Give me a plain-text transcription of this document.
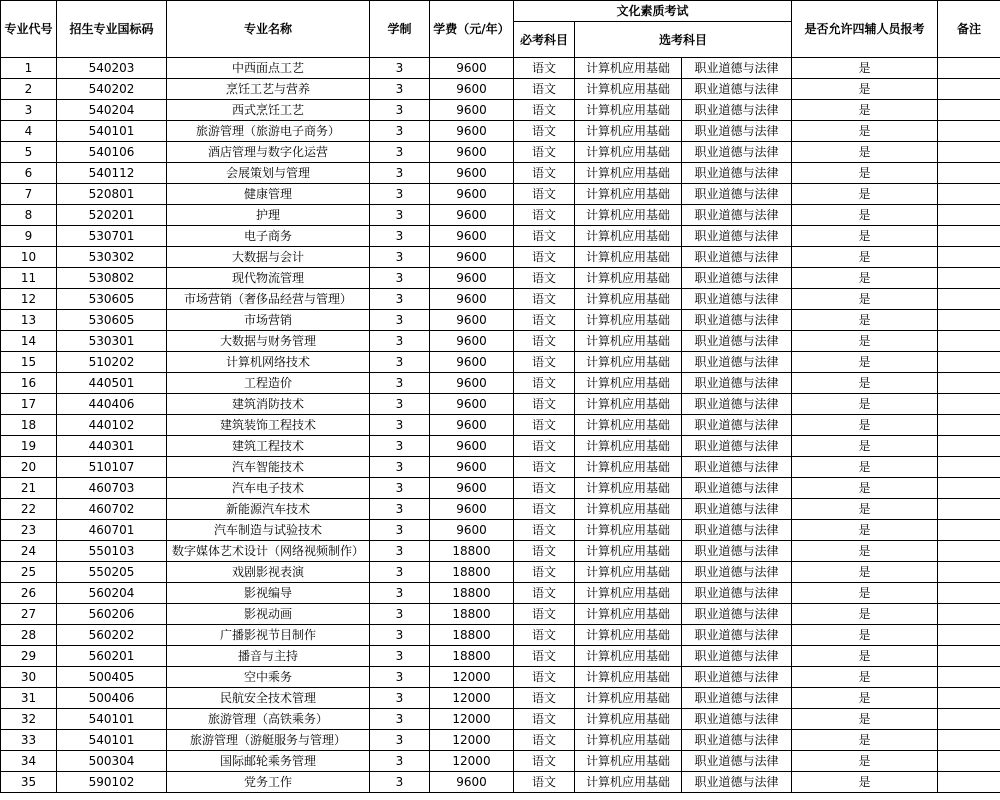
专业代号	招生专业国标码	专业名称	学制	学费（元/年）	文化素质考试			是否允许四辅人员报考	备注
					必考科目	选考科目			
1	540203	中西面点工艺	3	9600	语文	计算机应用基础	职业道德与法律	是	
2	540202	烹饪工艺与营养	3	9600	语文	计算机应用基础	职业道德与法律	是	
3	540204	西式烹饪工艺	3	9600	语文	计算机应用基础	职业道德与法律	是	
4	540101	旅游管理（旅游电子商务）	3	9600	语文	计算机应用基础	职业道德与法律	是	
5	540106	酒店管理与数字化运营	3	9600	语文	计算机应用基础	职业道德与法律	是	
6	540112	会展策划与管理	3	9600	语文	计算机应用基础	职业道德与法律	是	
7	520801	健康管理	3	9600	语文	计算机应用基础	职业道德与法律	是	
8	520201	护理	3	9600	语文	计算机应用基础	职业道德与法律	是	
9	530701	电子商务	3	9600	语文	计算机应用基础	职业道德与法律	是	
10	530302	大数据与会计	3	9600	语文	计算机应用基础	职业道德与法律	是	
11	530802	现代物流管理	3	9600	语文	计算机应用基础	职业道德与法律	是	
12	530605	市场营销（奢侈品经营与管理）	3	9600	语文	计算机应用基础	职业道德与法律	是	
13	530605	市场营销	3	9600	语文	计算机应用基础	职业道德与法律	是	
14	530301	大数据与财务管理	3	9600	语文	计算机应用基础	职业道德与法律	是	
15	510202	计算机网络技术	3	9600	语文	计算机应用基础	职业道德与法律	是	
16	440501	工程造价	3	9600	语文	计算机应用基础	职业道德与法律	是	
17	440406	建筑消防技术	3	9600	语文	计算机应用基础	职业道德与法律	是	
18	440102	建筑装饰工程技术	3	9600	语文	计算机应用基础	职业道德与法律	是	
19	440301	建筑工程技术	3	9600	语文	计算机应用基础	职业道德与法律	是	
20	510107	汽车智能技术	3	9600	语文	计算机应用基础	职业道德与法律	是	
21	460703	汽车电子技术	3	9600	语文	计算机应用基础	职业道德与法律	是	
22	460702	新能源汽车技术	3	9600	语文	计算机应用基础	职业道德与法律	是	
23	460701	汽车制造与试验技术	3	9600	语文	计算机应用基础	职业道德与法律	是	
24	550103	数字媒体艺术设计（网络视频制作）	3	18800	语文	计算机应用基础	职业道德与法律	是	
25	550205	戏剧影视表演	3	18800	语文	计算机应用基础	职业道德与法律	是	
26	560204	影视编导	3	18800	语文	计算机应用基础	职业道德与法律	是	
27	560206	影视动画	3	18800	语文	计算机应用基础	职业道德与法律	是	
28	560202	广播影视节目制作	3	18800	语文	计算机应用基础	职业道德与法律	是	
29	560201	播音与主持	3	18800	语文	计算机应用基础	职业道德与法律	是	
30	500405	空中乘务	3	12000	语文	计算机应用基础	职业道德与法律	是	
31	500406	民航安全技术管理	3	12000	语文	计算机应用基础	职业道德与法律	是	
32	540101	旅游管理（高铁乘务）	3	12000	语文	计算机应用基础	职业道德与法律	是	
33	540101	旅游管理（游艇服务与管理）	3	12000	语文	计算机应用基础	职业道德与法律	是	
34	500304	国际邮轮乘务管理	3	12000	语文	计算机应用基础	职业道德与法律	是	
35	590102	党务工作	3	9600	语文	计算机应用基础	职业道德与法律	是	
